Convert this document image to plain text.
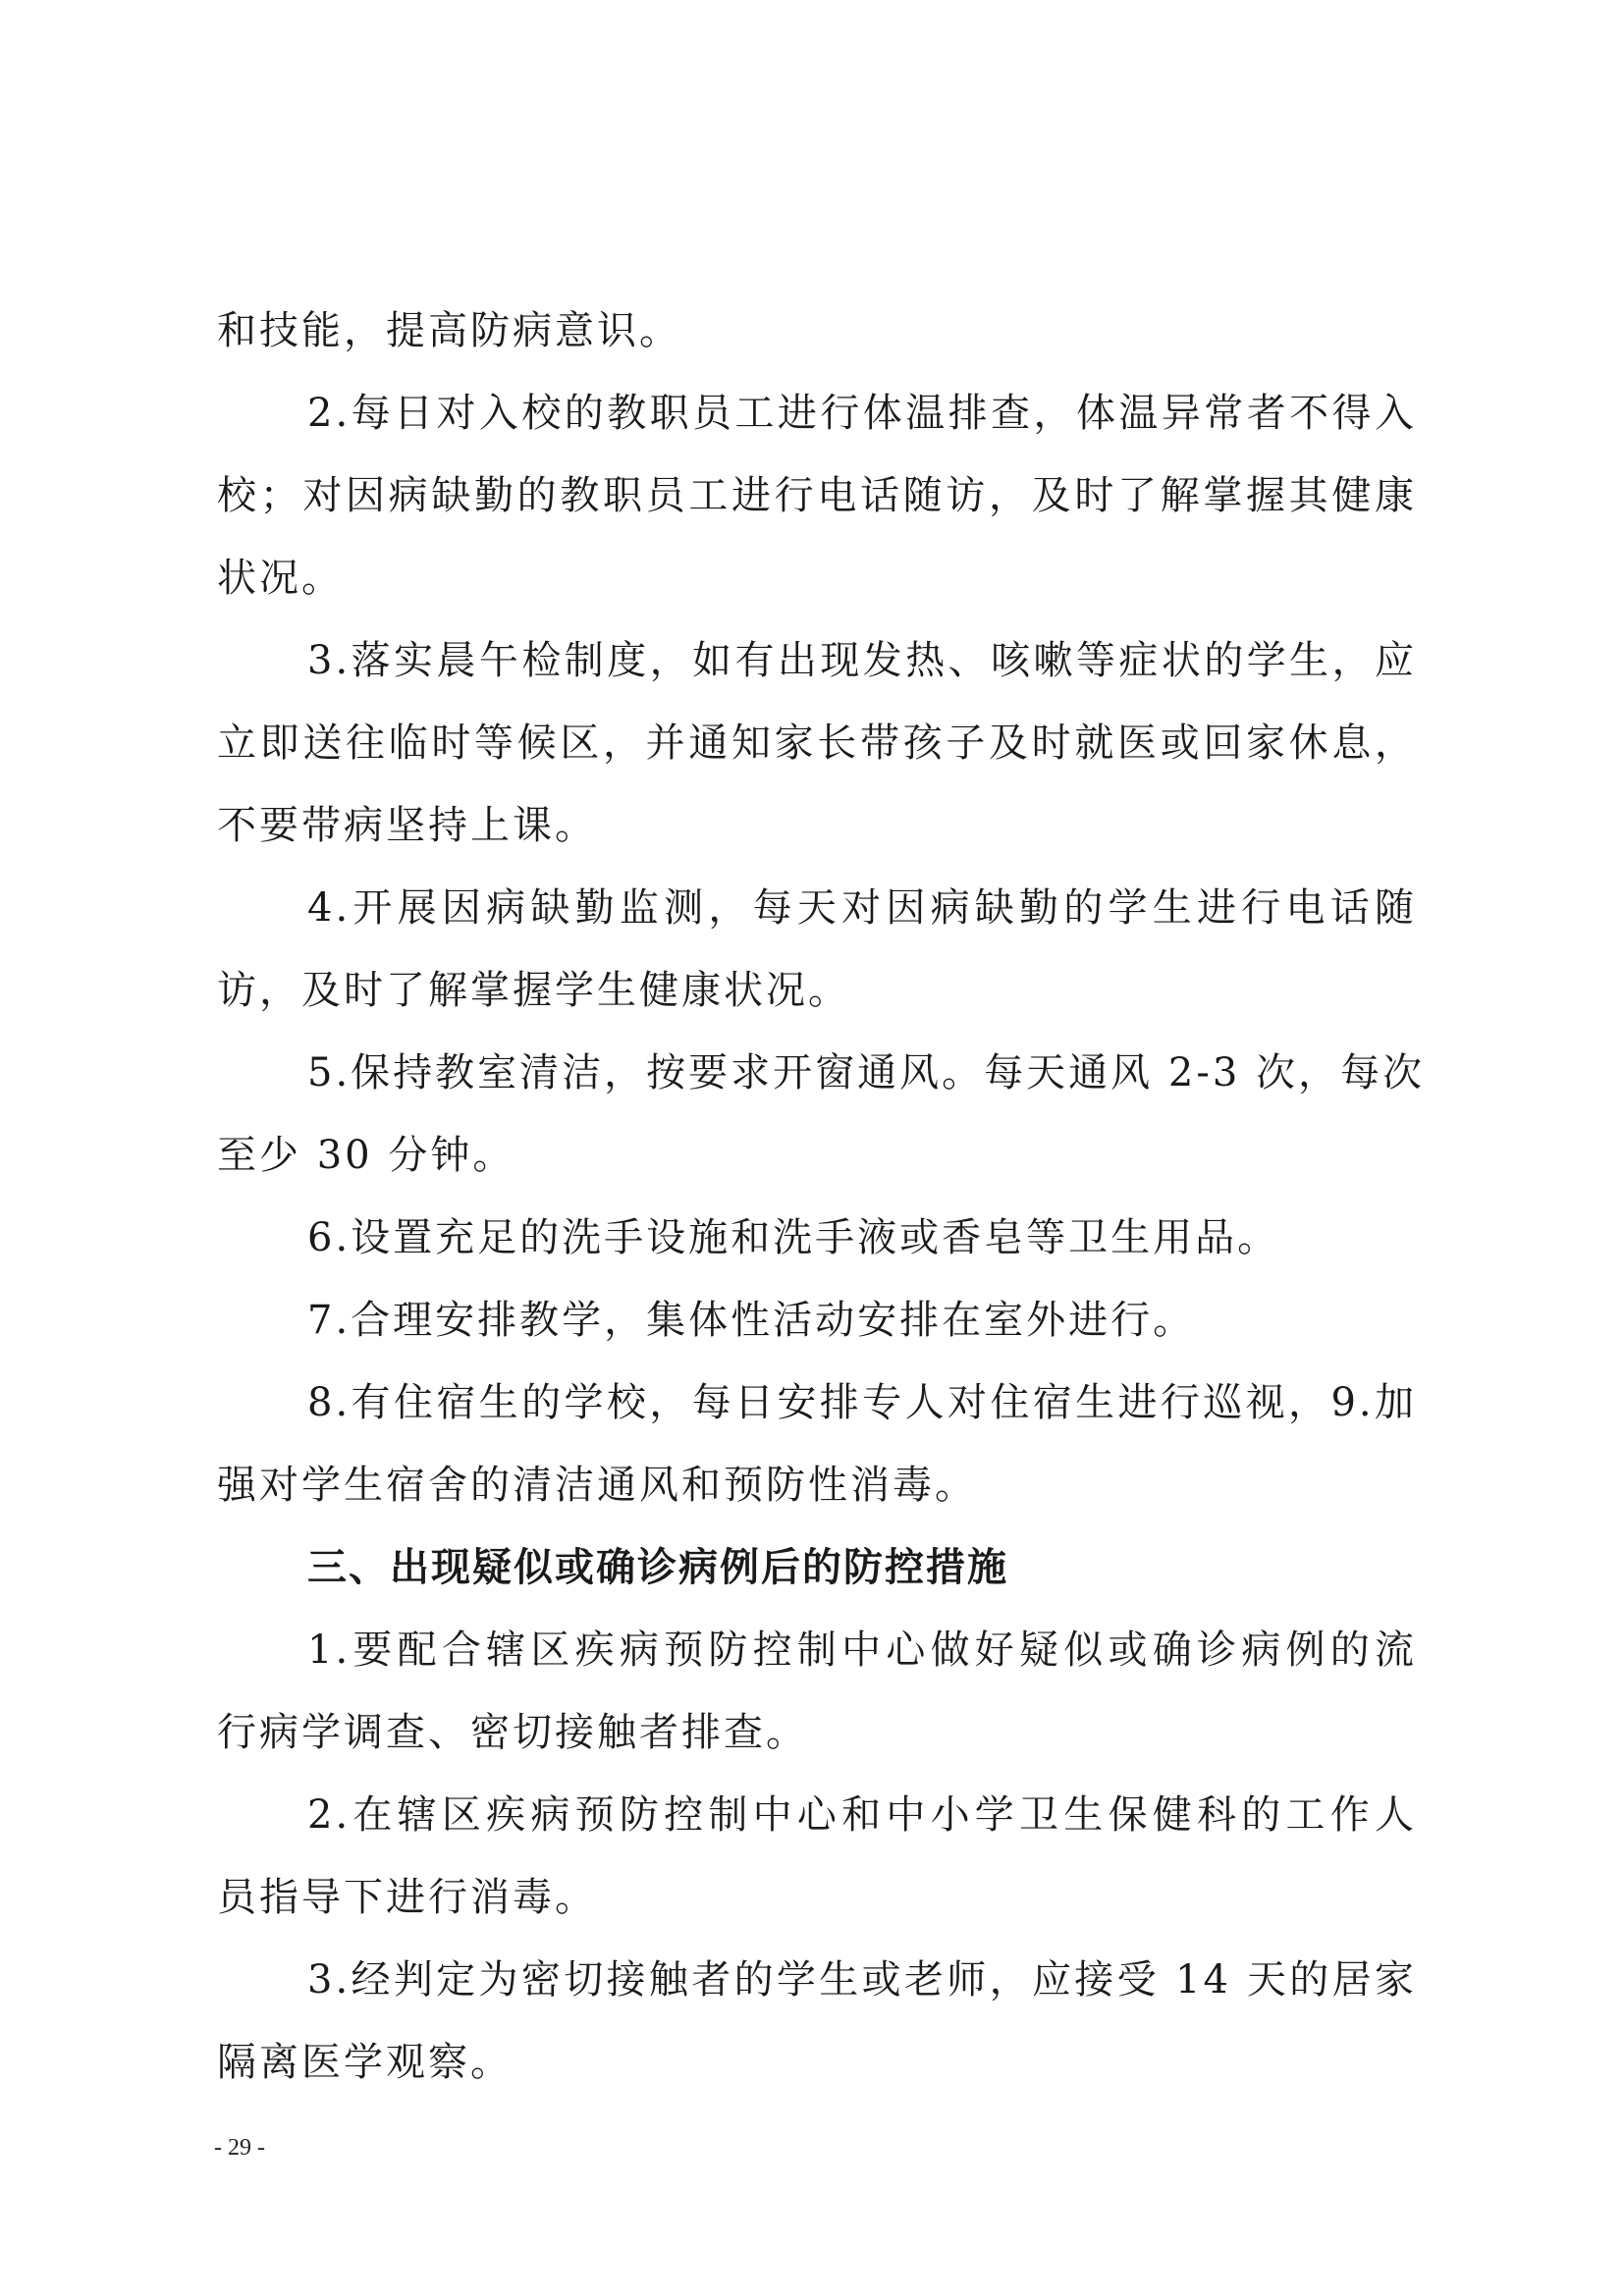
和技能，提高防病意识。
2.每日对入校的教职员工进行体温排查，体温异常者不得入
校；对因病缺勤的教职员工进行电话随访，及时了解掌握其健康
状况。
3.落实晨午检制度，如有出现发热、咳嗽等症状的学生，应
立即送往临时等候区，并通知家长带孩子及时就医或回家休息，
不要带病坚持上课。
4.开展因病缺勤监测，每天对因病缺勤的学生进行电话随
访，及时了解掌握学生健康状况。
5.保持教室清洁，按要求开窗通风。每天通风 2-3 次，每次
至少 30 分钟。
6.设置充足的洗手设施和洗手液或香皂等卫生用品。
7.合理安排教学，集体性活动安排在室外进行。
8.有住宿生的学校，每日安排专人对住宿生进行巡视，9.加
强对学生宿舍的清洁通风和预防性消毒。
三、出现疑似或确诊病例后的防控措施
1.要配合辖区疾病预防控制中心做好疑似或确诊病例的流
行病学调查、密切接触者排查。
2.在辖区疾病预防控制中心和中小学卫生保健科的工作人
员指导下进行消毒。
3.经判定为密切接触者的学生或老师，应接受 14 天的居家
隔离医学观察。
- 29 -
